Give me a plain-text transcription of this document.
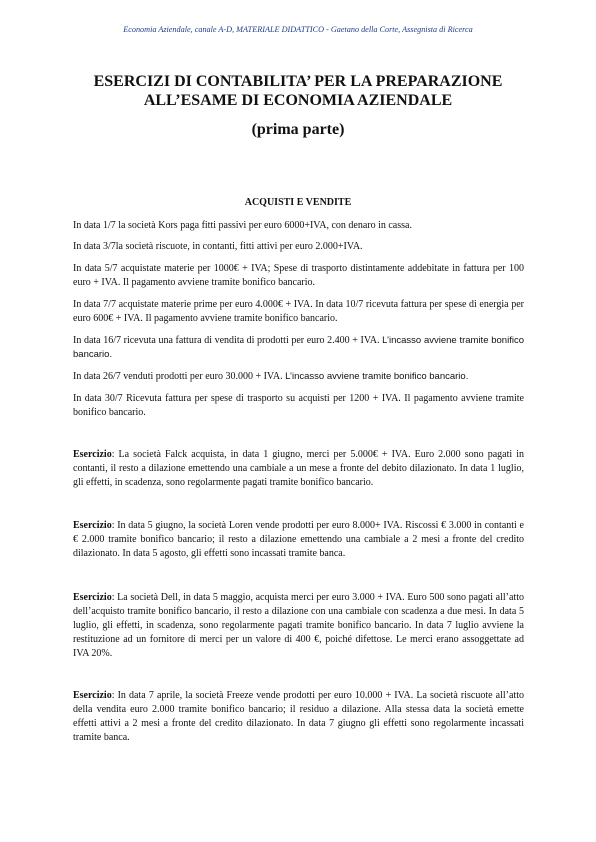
Economia Aziendale, canale A-D, MATERIALE DIDATTICO - Gaetano della Corte, Assegnista di Ricerca
ESERCIZI DI CONTABILITA’ PER LA PREPARAZIONE
ALL’ESAME DI ECONOMIA AZIENDALE
(prima parte)
ACQUISTI E VENDITE

In data 1/7 la società Kors paga fitti passivi per euro 6000+IVA, con denaro in cassa.

In data 3/7la società riscuote, in contanti, fitti attivi per euro 2.000+IVA.

In data 5/7 acquistate materie per 1000€ + IVA; Spese di trasporto distintamente addebitate in fattura per 100 euro + IVA. Il pagamento avviene tramite bonifico bancario.

In data 7/7 acquistate materie prime per euro 4.000€ + IVA. In data 10/7 ricevuta fattura per spese di energia per euro 600€ + IVA. Il pagamento avviene tramite bonifico bancario.

In data 16/7 ricevuta una fattura di vendita di prodotti per euro 2.400 + IVA. L’incasso avviene tramite bonifico bancario.

In data 26/7 venduti prodotti per euro 30.000 + IVA. L’incasso avviene tramite bonifico bancario.

In data 30/7 Ricevuta fattura per spese di trasporto su acquisti per 1200 + IVA. Il pagamento avviene tramite bonifico bancario.

Esercizio: La società Falck acquista, in data 1 giugno, merci per 5.000€ + IVA. Euro 2.000 sono pagati in contanti, il resto a dilazione emettendo una cambiale a un mese a fronte del debito dilazionato. In data 1 luglio, gli effetti, in scadenza, sono regolarmente pagati tramite bonifico bancario.

Esercizio: In data 5 giugno, la società Loren vende prodotti per euro 8.000+ IVA. Riscossi € 3.000 in contanti e € 2.000 tramite bonifico bancario; il resto a dilazione emettendo una cambiale a 2 mesi a fronte del credito dilazionato. In data 5 agosto, gli effetti sono incassati tramite banca.

Esercizio: La società Dell, in data 5 maggio, acquista merci per euro 3.000 + IVA. Euro 500 sono pagati all’atto dell’acquisto tramite bonifico bancario, il resto a dilazione con una cambiale con scadenza a due mesi. In data 5 luglio, gli effetti, in scadenza, sono regolarmente pagati tramite bonifico bancario. In data 7 luglio avviene la restituzione ad un fornitore di merci per un valore di 400 €, poiché difettose. Le merci erano assoggettate ad IVA 20%.

Esercizio: In data 7 aprile, la società Freeze vende prodotti per euro 10.000 + IVA. La società riscuote all’atto della vendita euro 2.000 tramite bonifico bancario; il residuo a dilazione. Alla stessa data la società emette effetti attivi a 2 mesi a fronte del credito dilazionato. In data 7 giugno gli effetti sono regolarmente incassati tramite banca.
